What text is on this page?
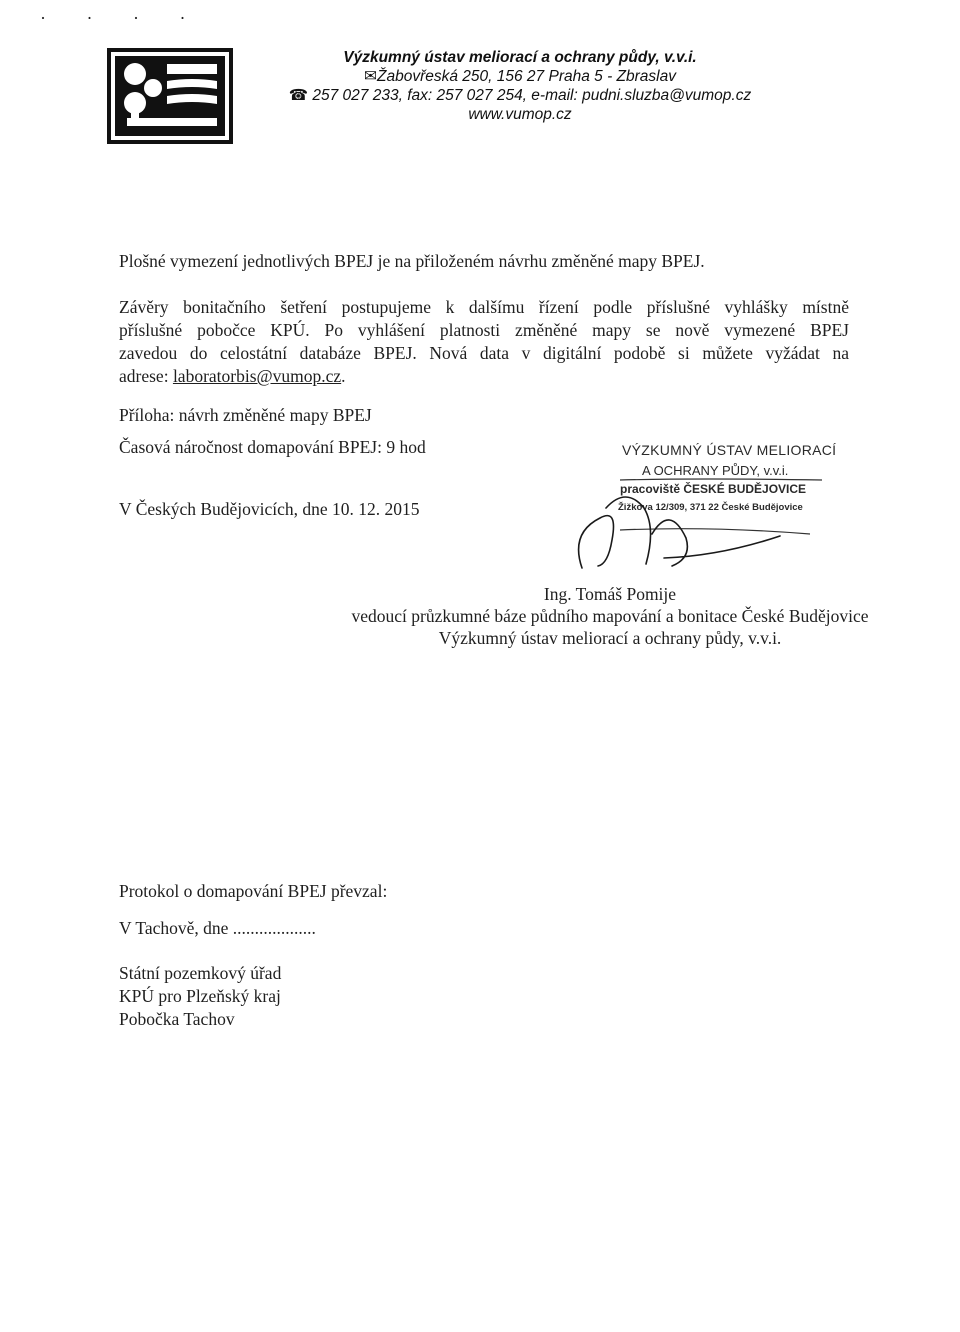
· · · ·
Výzkumný ústav meliorací a ochrany půdy, v.v.i.
✉Žabovřeská 250, 156 27 Praha 5 - Zbraslav
☎ 257 027 233, fax: 257 027 254, e-mail: pudni.sluzba@vumop.cz
www.vumop.cz
Plošné vymezení jednotlivých BPEJ je na přiloženém návrhu změněné mapy BPEJ.
Závěry bonitačního šetření postupujeme k dalšímu řízení podle příslušné vyhlášky místně
příslušné pobočce KPÚ. Po vyhlášení platnosti změněné mapy se nově vymezené BPEJ
zavedou do celostátní databáze BPEJ. Nová data v digitální podobě si můžete vyžádat na
adrese: laboratorbis@vumop.cz.
Příloha: návrh změněné mapy BPEJ
Časová náročnost domapování BPEJ: 9 hod
V Českých Budějovicích, dne 10. 12. 2015
VÝZKUMNÝ ÚSTAV MELIORACÍ
A OCHRANY PŮDY, v.v.i.
pracoviště ČESKÉ BUDĚJOVICE
Žižkova 12/309, 371 22 České Budějovice
Ing. Tomáš Pomije
vedoucí průzkumné báze půdního mapování a bonitace České Budějovice
Výzkumný ústav meliorací a ochrany půdy, v.v.i.
Protokol o domapování BPEJ převzal:
V Tachově, dne ...................
Státní pozemkový úřad
KPÚ pro Plzeňský kraj
Pobočka Tachov
